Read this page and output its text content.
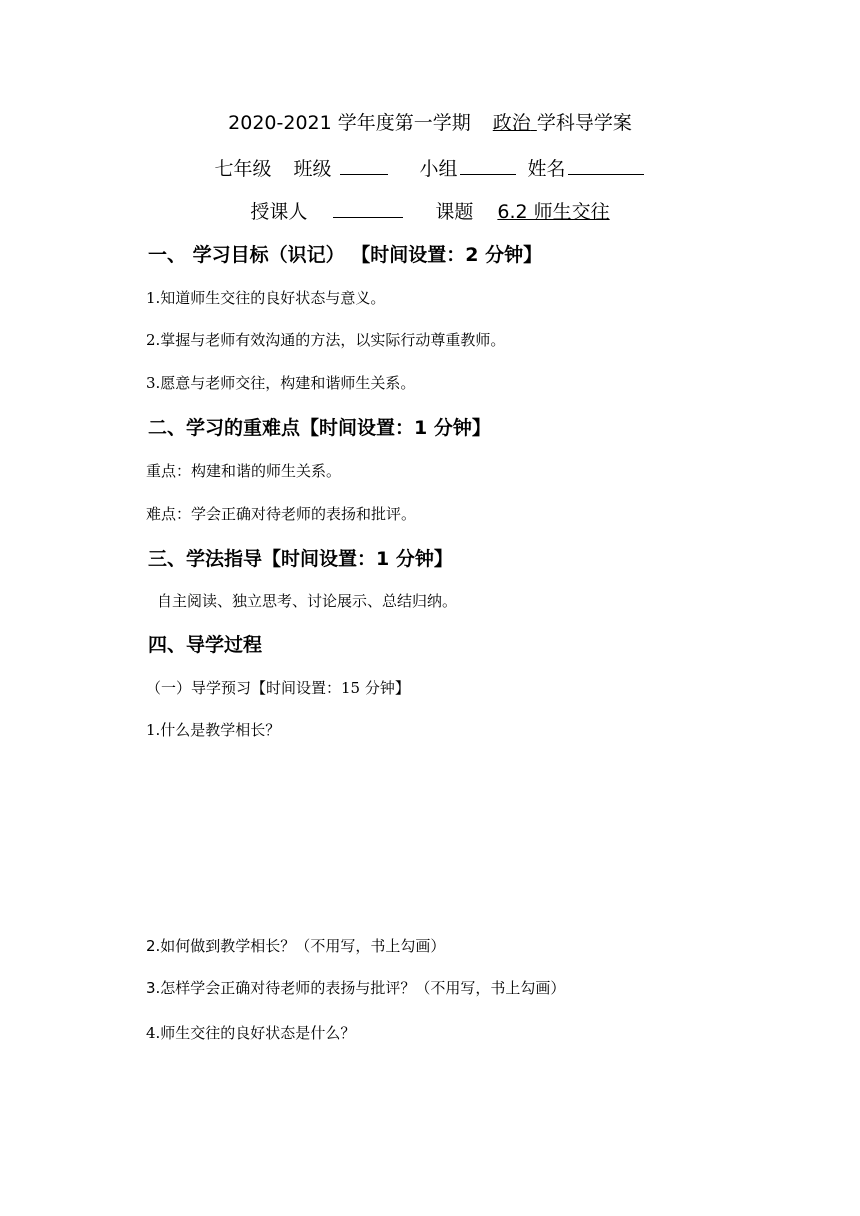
2020-2021 学年度第一学期 政治 学科导学案
七年级 班级	小组	姓名
授课人	课题 6.2 师生交往
一、 学习目标（识记） 【时间设置：2 分钟】
1.知道师生交往的良好状态与意义。
2.掌握与老师有效沟通的方法，以实际行动尊重教师。
3.愿意与老师交往，构建和谐师生关系。
二、学习的重难点【时间设置：1 分钟】
重点：构建和谐的师生关系。
难点：学会正确对待老师的表扬和批评。
三、学法指导【时间设置：1 分钟】
自主阅读、独立思考、讨论展示、总结归纳。
四、导学过程
（一）导学预习【时间设置：15 分钟】
1.什么是教学相长？
2.如何做到教学相长？（不用写，书上勾画）
3.怎样学会正确对待老师的表扬与批评？（不用写，书上勾画）
4.师生交往的良好状态是什么？
